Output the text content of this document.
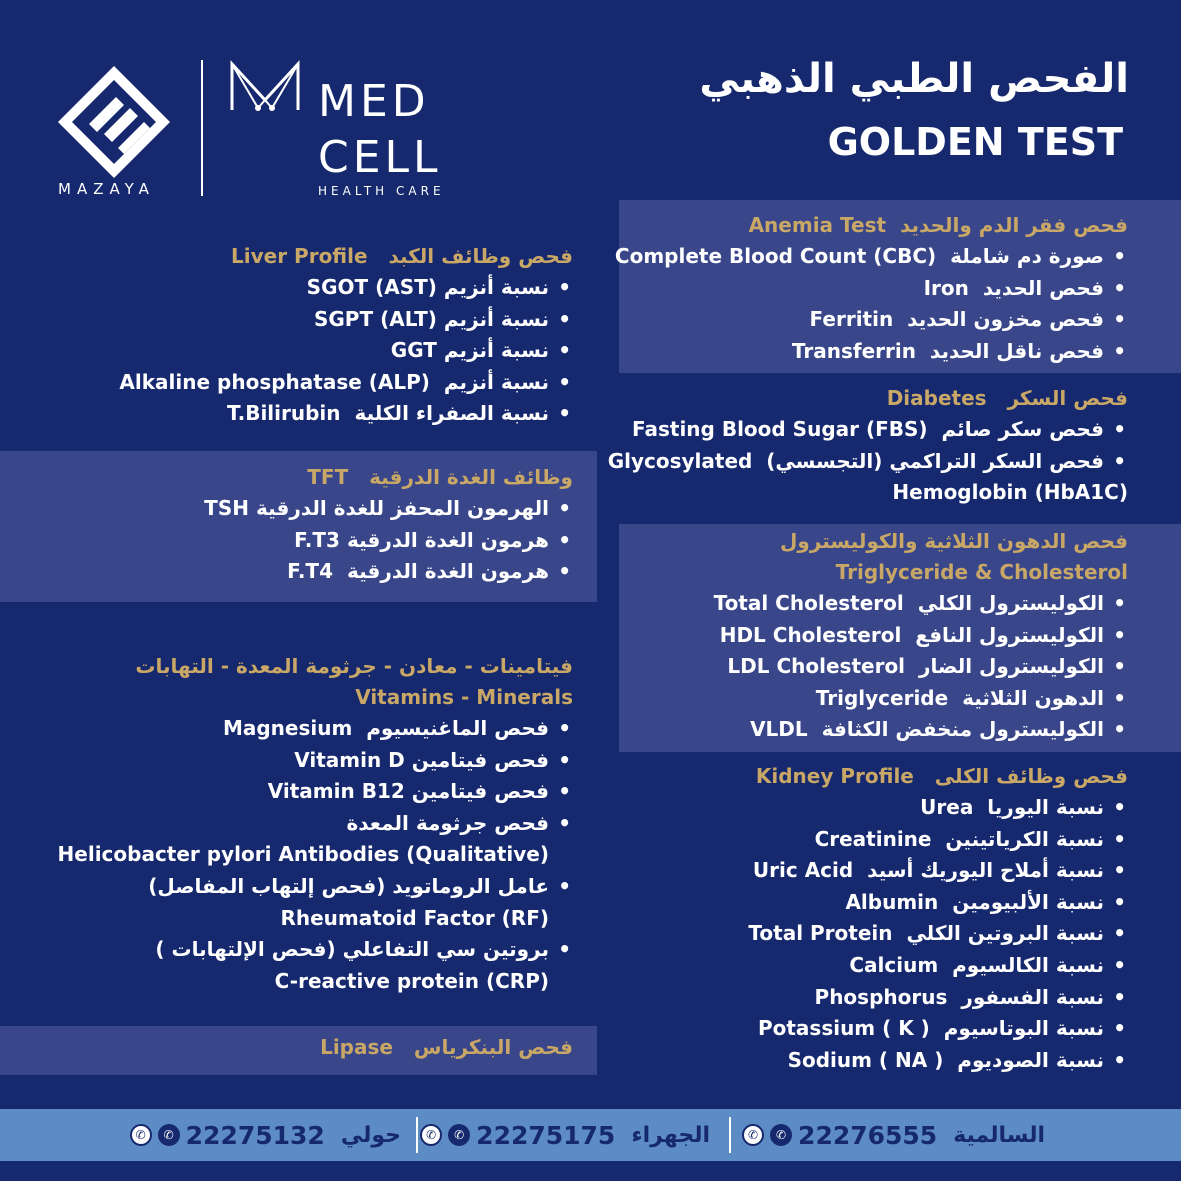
MAZAYA
MED
CELL
HEALTH CARE
الفحص الطبي الذهبي
GOLDEN TEST
فحص فقر الدم والحديد  Anemia Test
• صورة دم شاملة  Complete Blood Count (CBC)
• فحص الحديد  Iron
• فحص مخزون الحديد  Ferritin
• فحص ناقل الحديد  Transferrin
فحص السكر   Diabetes
• فحص سكر صائم  Fasting Blood Sugar (FBS)
• فحص السكر التراكمي (التجسسي)  Glycosylated
Hemoglobin (HbA1C)
فحص الدهون الثلاثية والكوليسترول
Triglyceride & Cholesterol
• الكوليسترول الكلي  Total Cholesterol
• الكوليسترول النافع  HDL Cholesterol
• الكوليسترول الضار  LDL Cholesterol
• الدهون الثلاثية  Triglyceride
• الكوليسترول منخفض الكثافة  VLDL
فحص وظائف الكلى   Kidney Profile
• نسبة اليوريا  Urea
• نسبة الكرياتينين  Creatinine
• نسبة أملاح اليوريك أسيد  Uric Acid
• نسبة الألبيومين  Albumin
• نسبة البروتين الكلي  Total Protein
• نسبة الكالسيوم  Calcium
• نسبة الفسفور  Phosphorus
• نسبة البوتاسيوم  Potassium ( K )
• نسبة الصوديوم  Sodium ( NA )
فحص وظائف الكبد   Liver Profile
• نسبة أنزيم SGOT (AST)
• نسبة أنزيم SGPT (ALT)
• نسبة أنزيم GGT
• نسبة أنزيم  Alkaline phosphatase (ALP)
• نسبة الصفراء الكلية  T.Bilirubin
وظائف الغدة الدرقية   TFT
• الهرمون المحفز للغدة الدرقية TSH
• هرمون الغدة الدرقية F.T3
• هرمون الغدة الدرقية  F.T4
فيتامينات - معادن - جرثومة المعدة - التهابات
Vitamins - Minerals
• فحص الماغنيسيوم  Magnesium
• فحص فيتامين Vitamin D
• فحص فيتامين Vitamin B12
• فحص جرثومة المعدة
Helicobacter pylori Antibodies (Qualitative)
• عامل الروماتويد (فحص إلتهاب المفاصل)
Rheumatoid Factor (RF)
• بروتين سي التفاعلي (فحص الإلتهابات )
C-reactive protein (CRP)
فحص البنكرياس   Lipase
✆	✆ 22276555 السالمية
✆	✆ 22275175 الجهراء
✆	✆ 22275132 حولي
